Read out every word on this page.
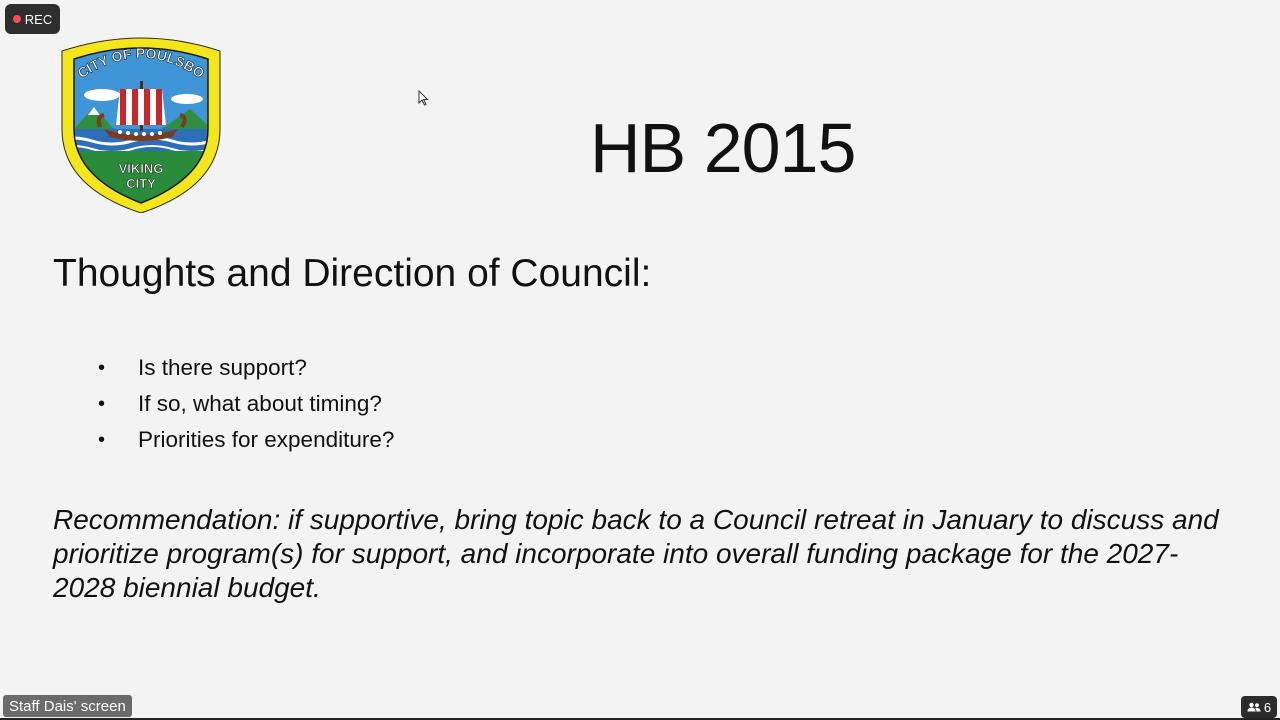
REC
CITY OF POULSBO
VIKING
CITY	HB 2015
Thoughts and Direction of Council:
•	Is there support?
•	If so, what about timing?
•	Priorities for expenditure?
Recommendation: if supportive, bring topic back to a Council retreat in January to discuss and prioritize program(s) for support, and incorporate into overall funding package for the 2027-2028 biennial budget.
Staff Dais' screen	6
